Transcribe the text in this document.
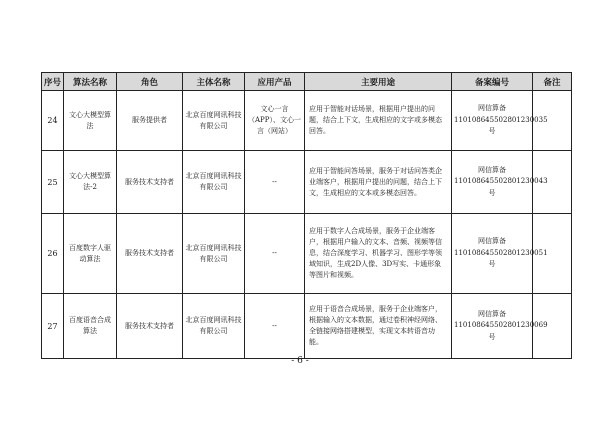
序号	算法名称	角色	主体名称	应用产品	主要用途	备案编号	备注
24	文心大模型算法	服务提供者	北京百度网讯科技有限公司	文心一言（APP）、文心一言（网站）	应用于智能对话场景，根据用户提出的问题，结合上下文，生成相应的文字或多模态回答。	网信算备110108645502801230035号	
25	文心大模型算法-2	服务技术支持者	北京百度网讯科技有限公司	--	应用于智能问答场景，服务于对话问答类企业端客户，根据用户提出的问题，结合上下文，生成相应的文本或多模态回答。	网信算备110108645502801230043号	
26	百度数字人驱动算法	服务技术支持者	北京百度网讯科技有限公司	--	应用于数字人合成场景，服务于企业端客户，根据用户输入的文本、音频、视频等信息，结合深度学习、机器学习、图形学等领域知识，生成2D人像、3D写实、卡通形象等图片和视频。	网信算备110108645502801230051号	
27	百度语音合成算法	服务技术支持者	北京百度网讯科技有限公司	--	应用于语音合成场景，服务于企业端客户，根据输入的文本数据，通过卷积神经网络、全链接网络搭建模型，实现文本转语音功能。	网信算备110108645502801230069号	
- 6 -
